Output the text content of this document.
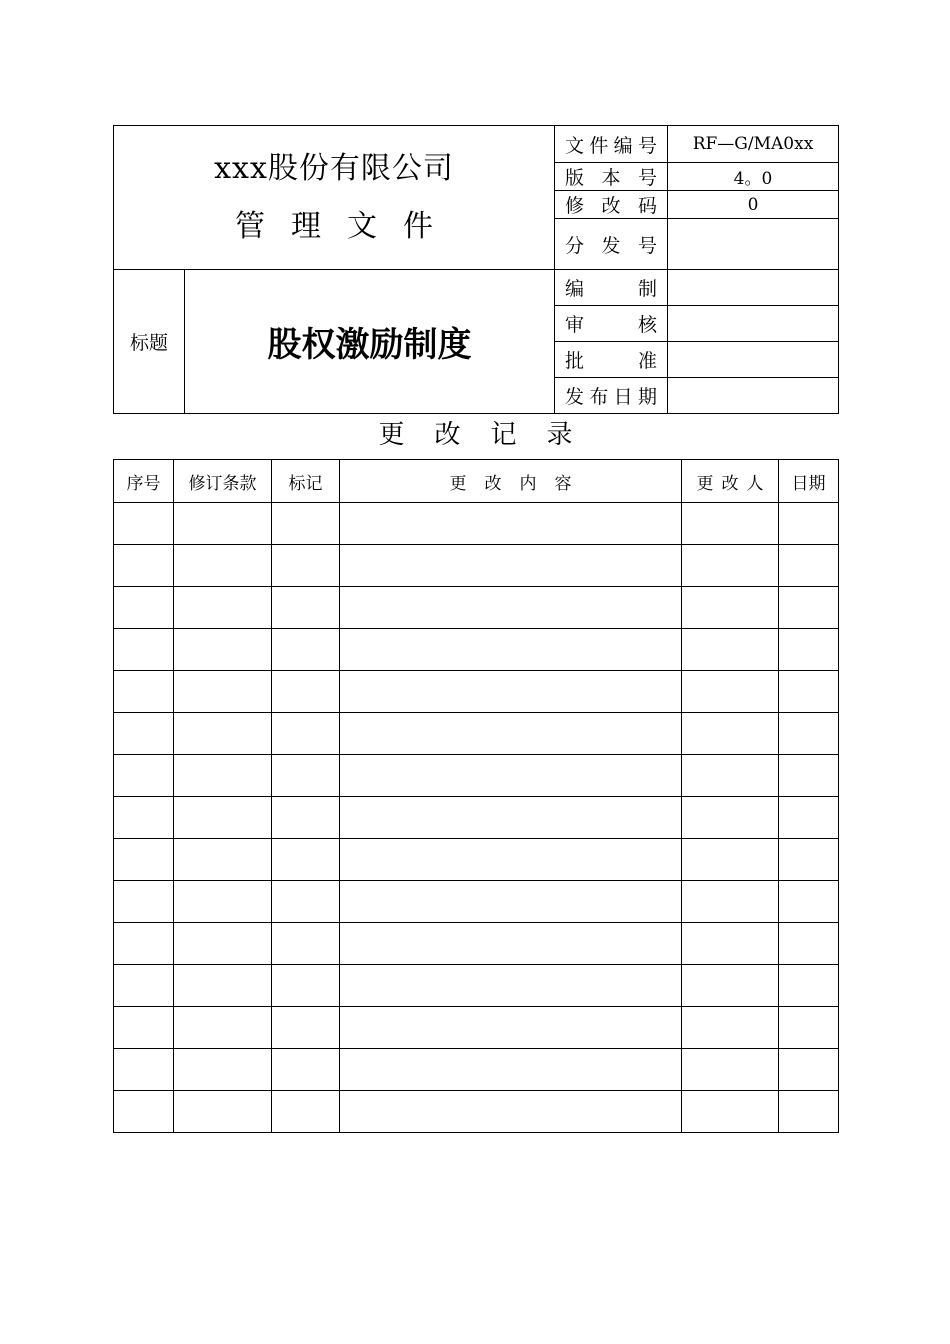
xxx股份有限公司
管理文件		文件编号	RF—G/MA0xx
		版本号	4。0
		修改码	0
		分发号	
标题	股权激励制度	编制	
		审核	
		批准	
		发布日期	
更改记录
序号	修订条款	标记	更改内容	更改人	日期
